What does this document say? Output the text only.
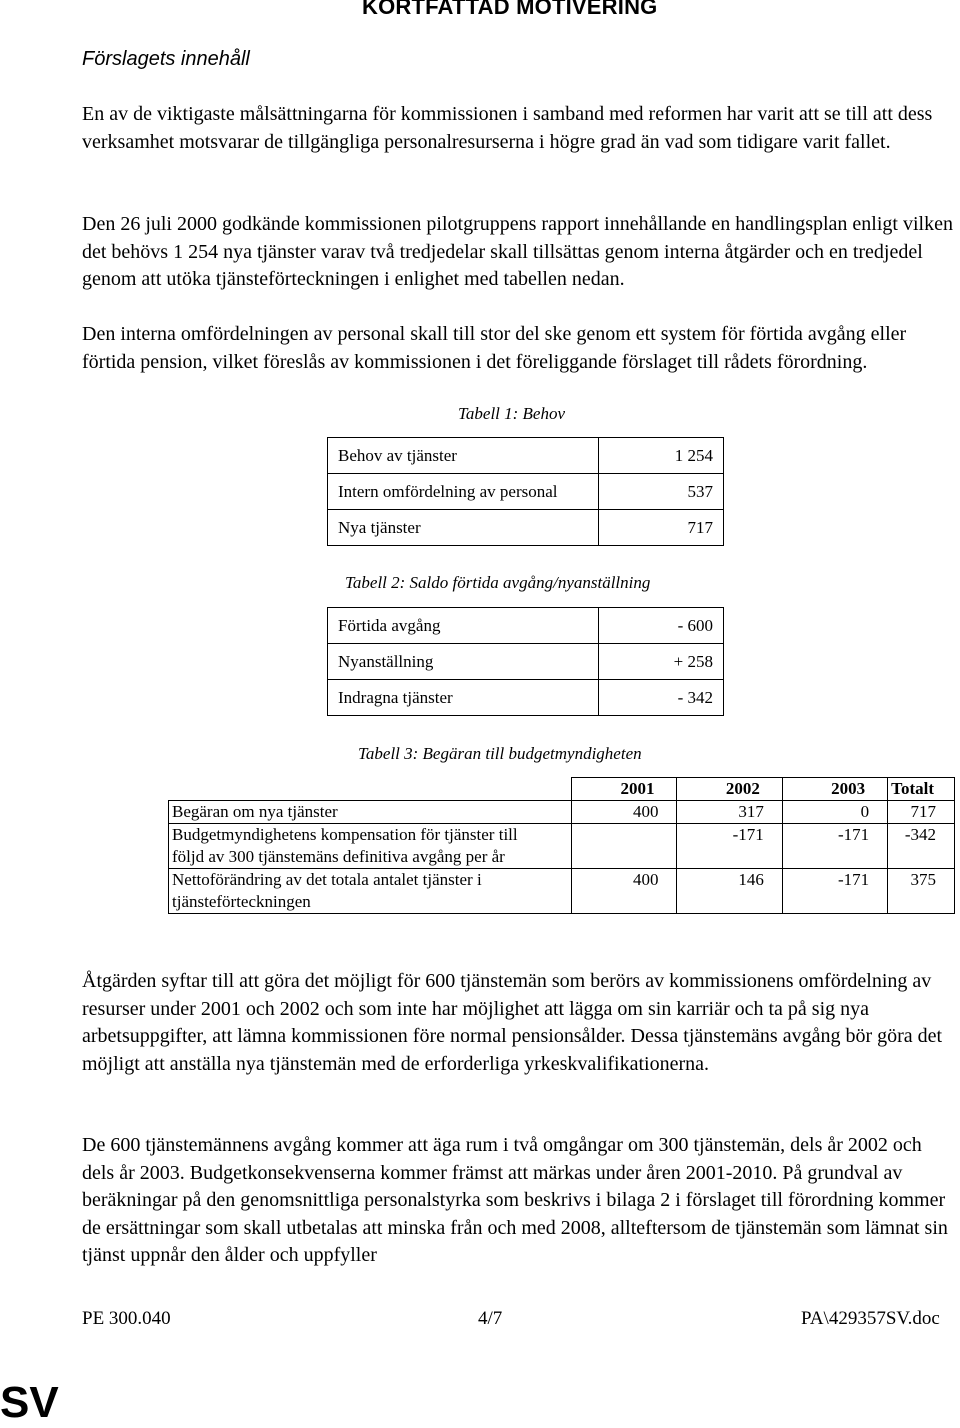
KORTFATTAD MOTIVERING
Förslagets innehåll
En av de viktigaste målsättningarna för kommissionen i samband med reformen har varit att se till att dess verksamhet motsvarar de tillgängliga personalresurserna i högre grad än vad som tidigare varit fallet.
Den 26 juli 2000 godkände kommissionen pilotgruppens rapport innehållande en handlingsplan enligt vilken det behövs 1 254 nya tjänster varav två tredjedelar skall tillsättas genom interna åtgärder och en tredjedel genom att utöka tjänsteförteckningen i enlighet med tabellen nedan.
Den interna omfördelningen av personal skall till stor del ske genom ett system för förtida avgång eller förtida pension, vilket föreslås av kommissionen i det föreliggande förslaget till rådets förordning.
Tabell 1: Behov
Behov av tjänster	1 254
Intern omfördelning av personal	537
Nya tjänster	717
Tabell 2: Saldo förtida avgång/nyanställning
Förtida avgång	- 600
Nyanställning	+ 258
Indragna tjänster	- 342
Tabell 3: Begäran till budgetmyndigheten
	2001	2002	2003	Totalt
Begäran om nya tjänster	400	317	0	717
Budgetmyndighetens kompensation för tjänster till följd av 300 tjänstemäns definitiva avgång per år		-171	-171	-342
Nettoförändring av det totala antalet tjänster i tjänsteförteckningen	400	146	-171	375
Åtgärden syftar till att göra det möjligt för 600 tjänstemän som berörs av kommissionens omfördelning av resurser under 2001 och 2002 och som inte har möjlighet att lägga om sin karriär och ta på sig nya arbetsuppgifter, att lämna kommissionen före normal pensionsålder. Dessa tjänstemäns avgång bör göra det möjligt att anställa nya tjänstemän med de erforderliga yrkeskvalifikationerna.
De 600 tjänstemännens avgång kommer att äga rum i två omgångar om 300 tjänstemän, dels år 2002 och dels år 2003. Budgetkonsekvenserna kommer främst att märkas under åren 2001-2010. På grundval av beräkningar på den genomsnittliga personalstyrka som beskrivs i bilaga 2 i förslaget till förordning kommer de ersättningar som skall utbetalas att minska från och med 2008, allteftersom de tjänstemän som lämnat sin tjänst uppnår den ålder och uppfyller
PE 300.040	4/7	PA\429357SV.doc
SV
